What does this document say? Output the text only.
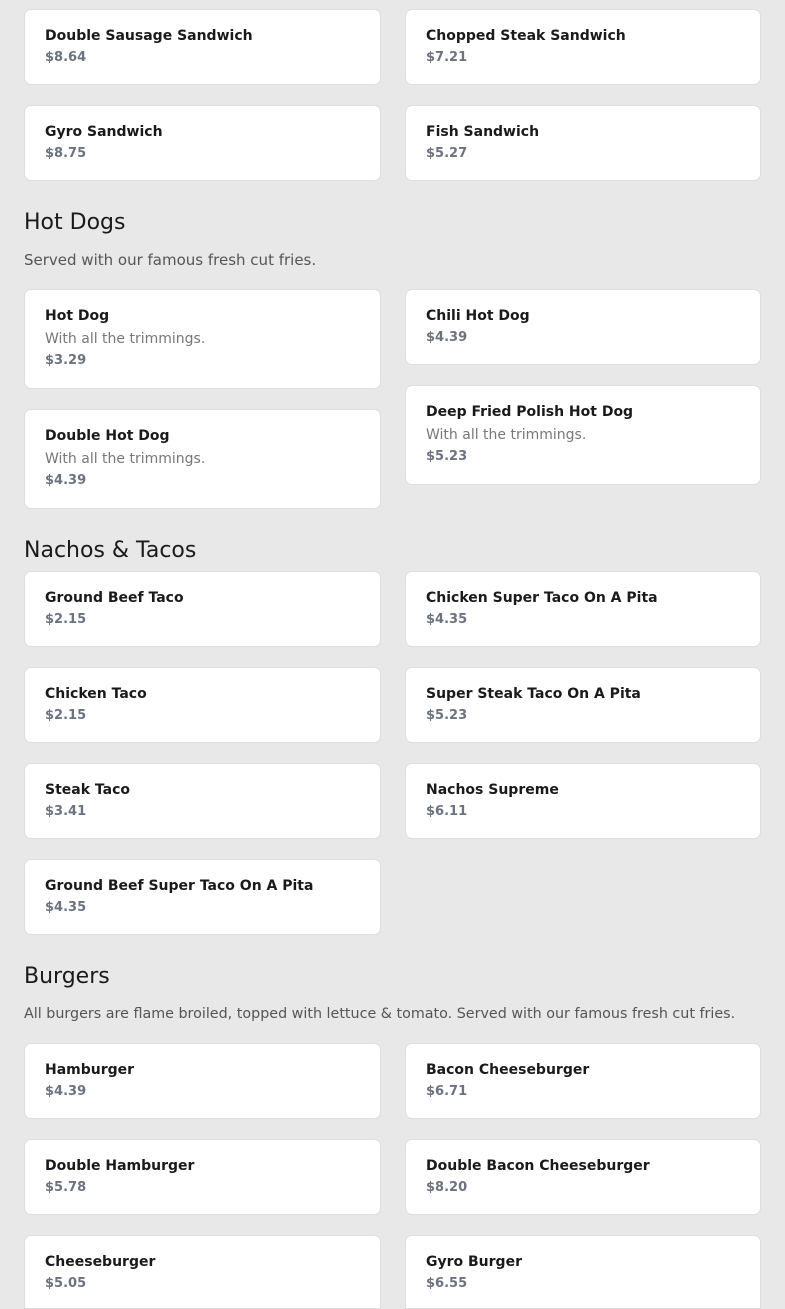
Double Sausage Sandwich
$8.64
Chopped Steak Sandwich
$7.21
Gyro Sandwich
$8.75
Fish Sandwich
$5.27
Hot Dogs
Served with our famous fresh cut fries.
Hot Dog
With all the trimmings.
$3.29
Chili Hot Dog
$4.39
Double Hot Dog
With all the trimmings.
$4.39
Deep Fried Polish Hot Dog
With all the trimmings.
$5.23
Nachos & Tacos
Ground Beef Taco
$2.15
Chicken Super Taco On A Pita
$4.35
Chicken Taco
$2.15
Super Steak Taco On A Pita
$5.23
Steak Taco
$3.41
Nachos Supreme
$6.11
Ground Beef Super Taco On A Pita
$4.35
Burgers
All burgers are flame broiled, topped with lettuce & tomato. Served with our famous fresh cut fries.
Hamburger
$4.39
Bacon Cheeseburger
$6.71
Double Hamburger
$5.78
Double Bacon Cheeseburger
$8.20
Cheeseburger
$5.05
Gyro Burger
$6.55
